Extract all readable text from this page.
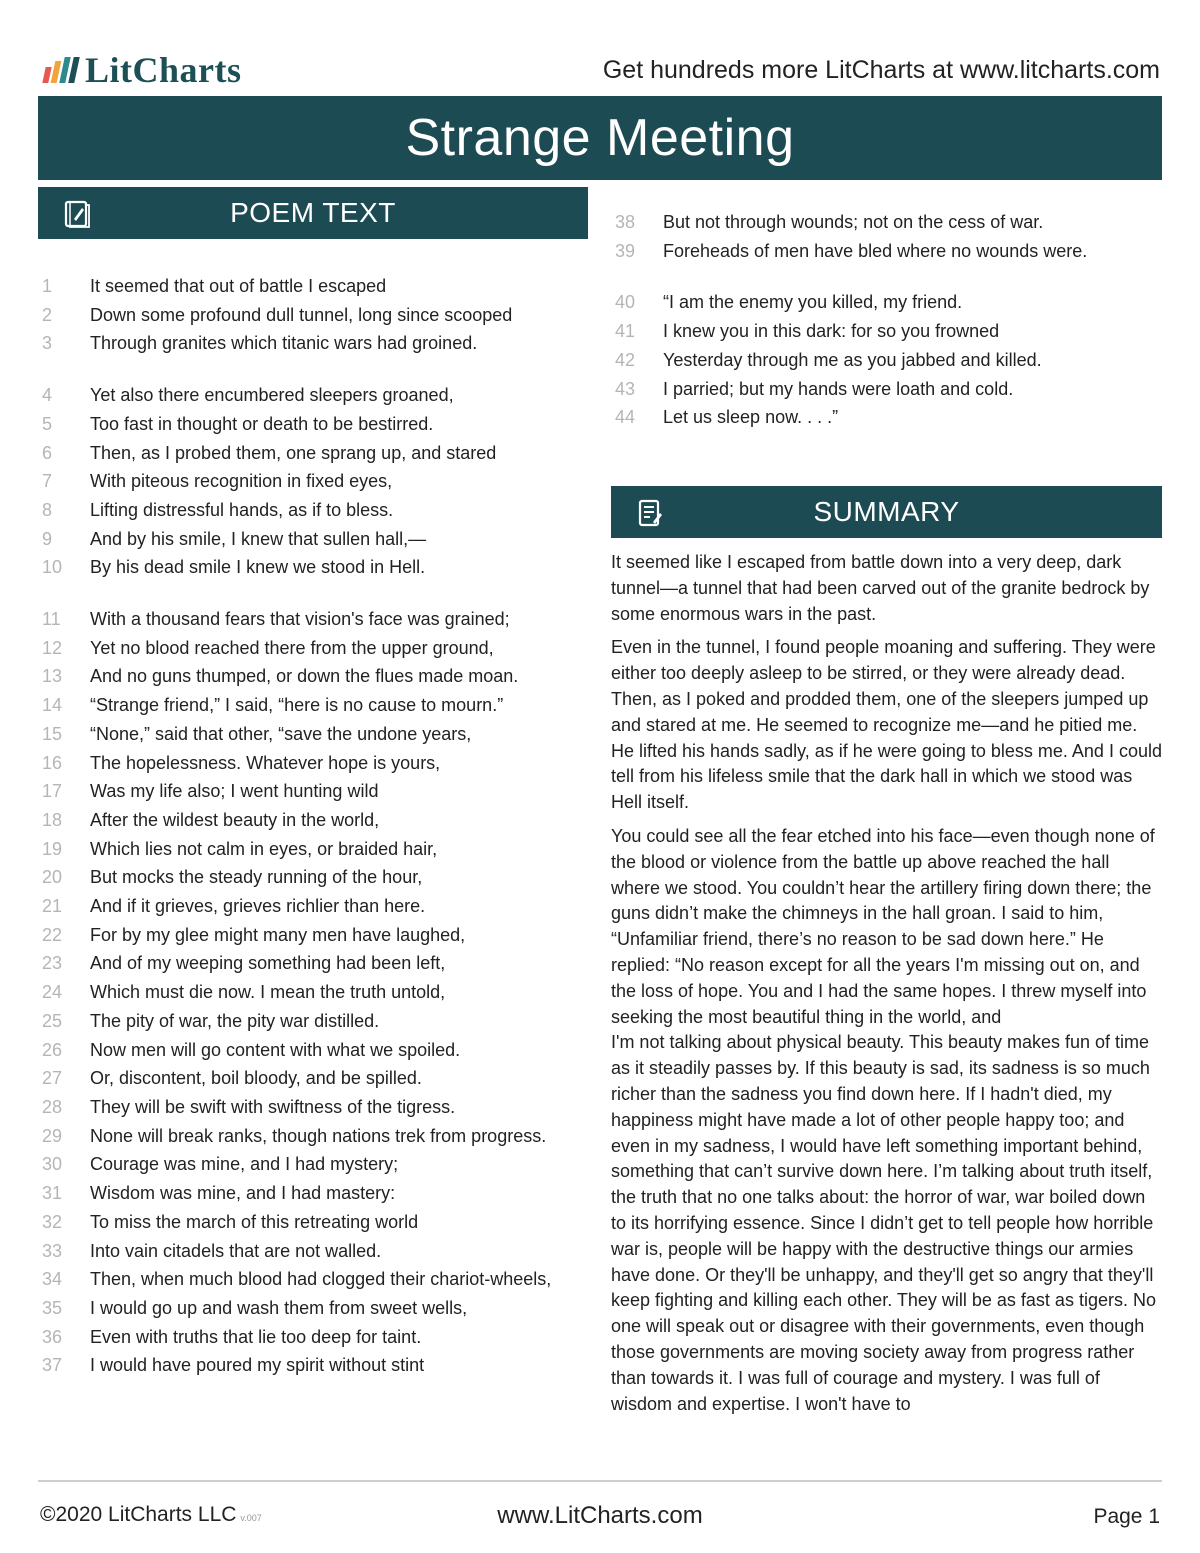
LitCharts	Get hundreds more LitCharts at www.litcharts.com
Strange Meeting
POEM TEXT
1	It seemed that out of battle I escaped
2	Down some profound dull tunnel, long since scooped
3	Through granites which titanic wars had groined.
4	Yet also there encumbered sleepers groaned,
5	Too fast in thought or death to be bestirred.
6	Then, as I probed them, one sprang up, and stared
7	With piteous recognition in fixed eyes,
8	Lifting distressful hands, as if to bless.
9	And by his smile, I knew that sullen hall,—
10	By his dead smile I knew we stood in Hell.
11	With a thousand fears that vision's face was grained;
12	Yet no blood reached there from the upper ground,
13	And no guns thumped, or down the flues made moan.
14	“Strange friend,” I said, “here is no cause to mourn.”
15	“None,” said that other, “save the undone years,
16	The hopelessness. Whatever hope is yours,
17	Was my life also; I went hunting wild
18	After the wildest beauty in the world,
19	Which lies not calm in eyes, or braided hair,
20	But mocks the steady running of the hour,
21	And if it grieves, grieves richlier than here.
22	For by my glee might many men have laughed,
23	And of my weeping something had been left,
24	Which must die now. I mean the truth untold,
25	The pity of war, the pity war distilled.
26	Now men will go content with what we spoiled.
27	Or, discontent, boil bloody, and be spilled.
28	They will be swift with swiftness of the tigress.
29	None will break ranks, though nations trek from progress.
30	Courage was mine, and I had mystery;
31	Wisdom was mine, and I had mastery:
32	To miss the march of this retreating world
33	Into vain citadels that are not walled.
34	Then, when much blood had clogged their chariot-wheels,
35	I would go up and wash them from sweet wells,
36	Even with truths that lie too deep for taint.
37	I would have poured my spirit without stint
38	But not through wounds; not on the cess of war.
39	Foreheads of men have bled where no wounds were.
40	“I am the enemy you killed, my friend.
41	I knew you in this dark: for so you frowned
42	Yesterday through me as you jabbed and killed.
43	I parried; but my hands were loath and cold.
44	Let us sleep now. . . .”
SUMMARY

It seemed like I escaped from battle down into a very deep, dark tunnel—a tunnel that had been carved out of the granite bedrock by some enormous wars in the past.

Even in the tunnel, I found people moaning and suffering. They were either too deeply asleep to be stirred, or they were already dead. Then, as I poked and prodded them, one of the sleepers jumped up and stared at me. He seemed to recognize me—and he pitied me. He lifted his hands sadly, as if he were going to bless me. And I could tell from his lifeless smile that the dark hall in which we stood was Hell itself.

You could see all the fear etched into his face—even though none of the blood or violence from the battle up above reached the hall where we stood. You couldn’t hear the artillery firing down there; the guns didn’t make the chimneys in the hall groan. I said to him, “Unfamiliar friend, there’s no reason to be sad down here.” He replied: “No reason except for all the years I'm missing out on, and the loss of hope. You and I had the same hopes. I threw myself into seeking the most beautiful thing in the world, and

I'm not talking about physical beauty. This beauty makes fun of time as it steadily passes by. If this beauty is sad, its sadness is so much richer than the sadness you find down here. If I hadn't died, my happiness might have made a lot of other people happy too; and even in my sadness, I would have left something important behind, something that can’t survive down here. I’m talking about truth itself, the truth that no one talks about: the horror of war, war boiled down to its horrifying essence. Since I didn’t get to tell people how horrible war is, people will be happy with the destructive things our armies have done. Or they'll be unhappy, and they'll get so angry that they'll keep fighting and killing each other. They will be as fast as tigers. No one will speak out or disagree with their governments, even though those governments are moving society away from progress rather than towards it. I was full of courage and mystery. I was full of wisdom and expertise. I won't have to

©2020 LitCharts LLC v.007	www.LitCharts.com	Page 1
